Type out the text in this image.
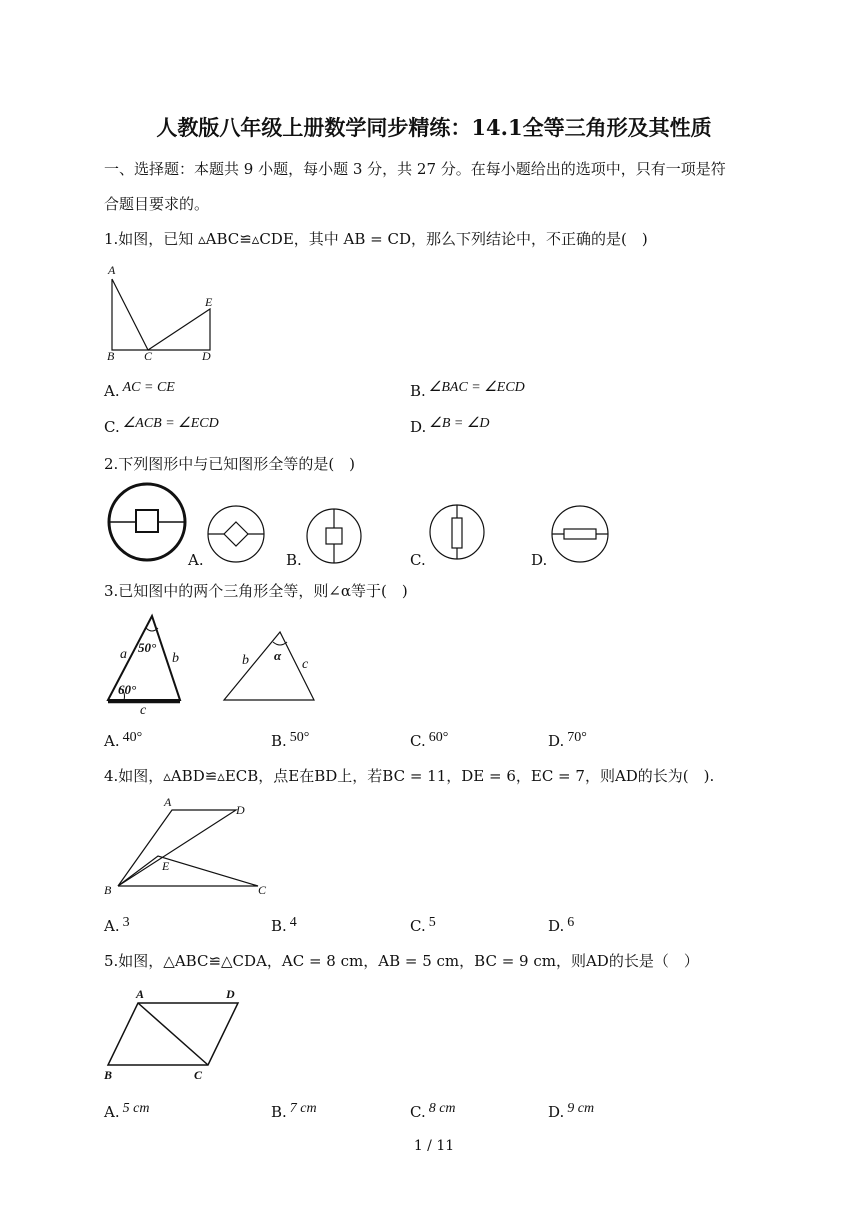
人教版八年级上册数学同步精练：14.1全等三角形及其性质
一、选择题：本题共 9 小题，每小题 3 分，共 27 分。在每小题给出的选项中，只有一项是符
合题目要求的。
1.如图，已知 ▵ABC≌▵CDE，其中 AB = CD，那么下列结论中，不正确的是(　)
A
B C	D
E
A. AC = CE	B. ∠BAC = ∠ECD
C. ∠ACB = ∠ECD	D. ∠B = ∠D
2.下列图形中与已知图形全等的是(　)
A.	B.	C.	D.
3.已知图中的两个三角形全等，则∠α等于(　)
a 50°
b
60°
c
α
b	c
A. 40°	B. 50°	C. 60°	D. 70°
4.如图，▵ABD≌▵ECB，点E在BD上，若BC = 11，DE = 6，EC = 7，则AD的长为(　).
A
D
E
B	C
A. 3	B. 4	C. 5	D. 6
5.如图，△ABC≌△CDA，AC = 8 cm，AB = 5 cm，BC = 9 cm，则AD的长是（　）
A	D
B	C
A. 5 cm	B. 7 cm	C. 8 cm	D. 9 cm
1 / 11
